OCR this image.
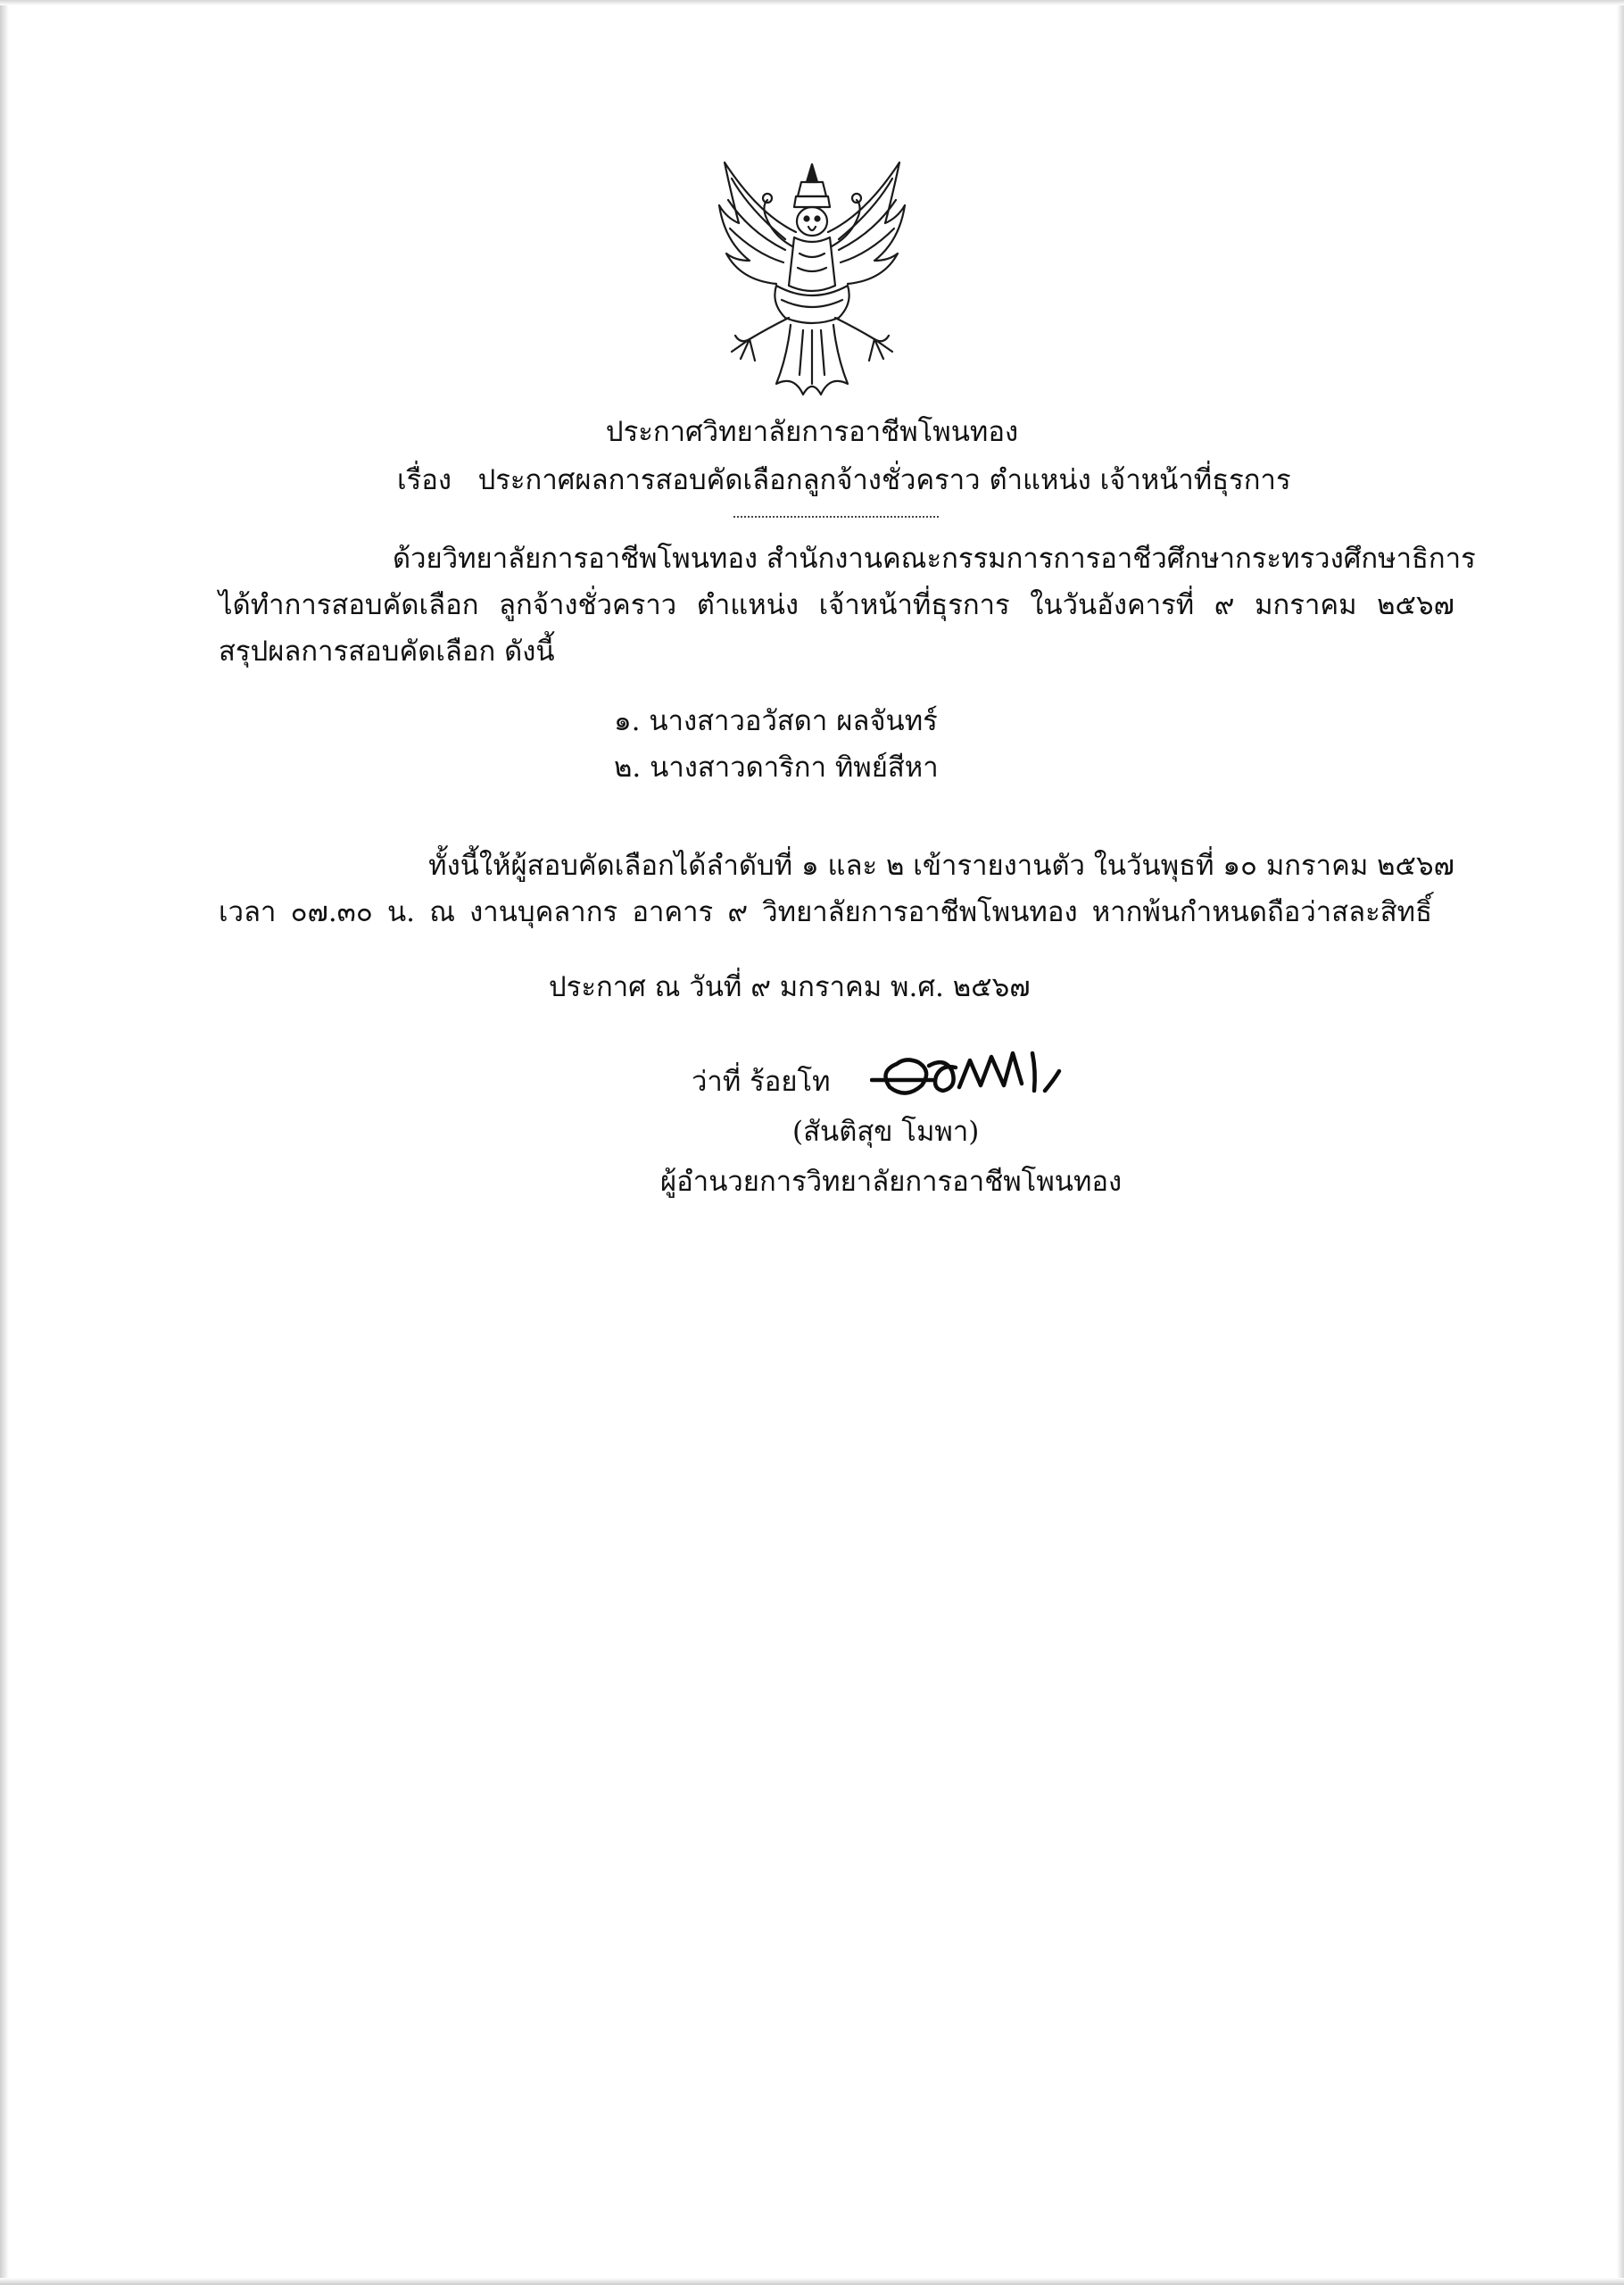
ประกาศวิทยาลัยการอาชีพโพนทอง
เรื่อง ประกาศผลการสอบคัดเลือกลูกจ้างชั่วคราว ตำแหน่ง เจ้าหน้าที่ธุรการ
ด้วยวิทยาลัยการอาชีพโพนทอง สำนักงานคณะกรรมการการอาชีวศึกษากระทรวงศึกษาธิการ
ได้ทำการสอบคัดเลือก ลูกจ้างชั่วคราว ตำแหน่ง เจ้าหน้าที่ธุรการ ในวันอังคารที่ ๙ มกราคม ๒๕๖๗
สรุปผลการสอบคัดเลือก ดังนี้
๑. นางสาวอวัสดา ผลจันทร์
๒. นางสาวดาริกา ทิพย์สีหา
ทั้งนี้ให้ผู้สอบคัดเลือกได้ลำดับที่ ๑ และ ๒ เข้ารายงานตัว ในวันพุธที่ ๑๐ มกราคม ๒๕๖๗
เวลา ๐๗.๓๐ น. ณ งานบุคลากร อาคาร ๙ วิทยาลัยการอาชีพโพนทอง หากพ้นกำหนดถือว่าสละสิทธิ์
ประกาศ ณ วันที่ ๙ มกราคม พ.ศ. ๒๕๖๗
ว่าที่ ร้อยโท
(สันติสุข โมพา)
ผู้อำนวยการวิทยาลัยการอาชีพโพนทอง
